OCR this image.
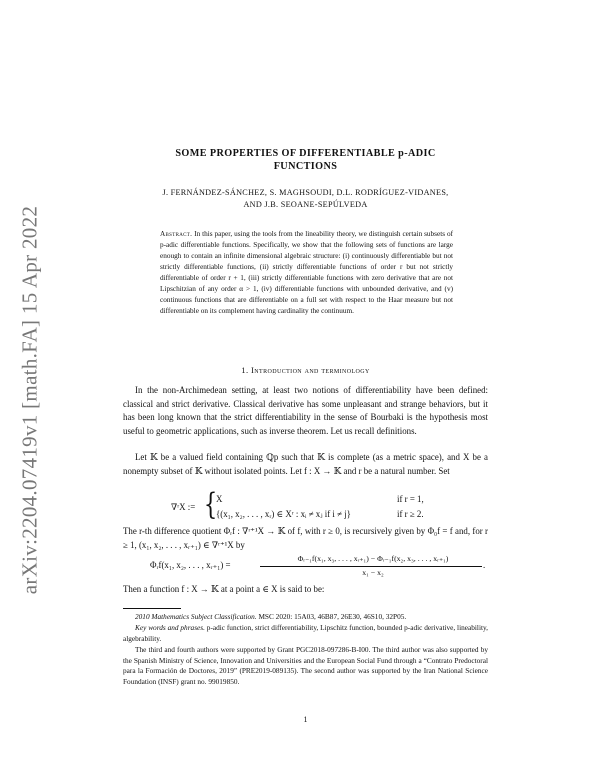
arXiv:2204.07419v1 [math.FA] 15 Apr 2022
SOME PROPERTIES OF DIFFERENTIABLE p-ADIC
FUNCTIONS
J. FERNÁNDEZ-SÁNCHEZ, S. MAGHSOUDI, D.L. RODRÍGUEZ-VIDANES,
AND J.B. SEOANE-SEPÚLVEDA
Abstract. In this paper, using the tools from the lineability theory, we distinguish certain subsets of p-adic differentiable functions. Specifically, we show that the following sets of functions are large enough to contain an infinite dimensional algebraic structure: (i) continuously differentiable but not strictly differentiable functions, (ii) strictly differentiable functions of order r but not strictly differentiable of order r + 1, (iii) strictly differentiable functions with zero derivative that are not Lipschitzian of any order α > 1, (iv) differentiable functions with unbounded derivative, and (v) continuous functions that are differentiable on a full set with respect to the Haar measure but not differentiable on its complement having cardinality the continuum.
1. Introduction and terminology
In the non-Archimedean setting, at least two notions of differentiability have been defined: classical and strict derivative. Classical derivative has some unpleasant and strange behaviors, but it has been long known that the strict differentiability in the sense of Bourbaki is the hypothesis most useful to geometric applications, such as inverse theorem. Let us recall definitions.
Let 𝕂 be a valued field containing ℚp such that 𝕂 is complete (as a metric space), and X be a nonempty subset of 𝕂 without isolated points. Let f : X → 𝕂 and r be a natural number. Set
∇ʳX := {
X	if r = 1,
{(x₁, x₂, . . . , xᵣ) ∈ Xʳ : xᵢ ≠ xⱼ if i ≠ j}	if r ≥ 2.
The r-th difference quotient Φᵣf : ∇ʳ⁺¹X → 𝕂 of f, with r ≥ 0, is recursively given by Φ₀f = f and, for r ≥ 1, (x₁, x₂, . . . , xᵣ₊₁) ∈ ∇ʳ⁺¹X by
Φᵣf(x₁, x₂, . . . , xᵣ₊₁) =
Φᵣ₋₁f(x₁, x₃, . . . , xᵣ₊₁) − Φᵣ₋₁f(x₂, x₃, . . . , xᵣ₊₁)
x₁ − x₂
.
Then a function f : X → 𝕂 at a point a ∈ X is said to be:
2010 Mathematics Subject Classification. MSC 2020: 15A03, 46B87, 26E30, 46S10, 32P05.
Key words and phrases. p-adic function, strict differentiability, Lipschitz function, bounded p-adic derivative, lineability, algebrability.
The third and fourth authors were supported by Grant PGC2018-097286-B-I00. The third author was also supported by the Spanish Ministry of Science, Innovation and Universities and the European Social Fund through a “Contrato Predoctoral para la Formación de Doctores, 2019” (PRE2019-089135). The second author was supported by the Iran National Science Foundation (INSF) grant no. 99019850.
1
